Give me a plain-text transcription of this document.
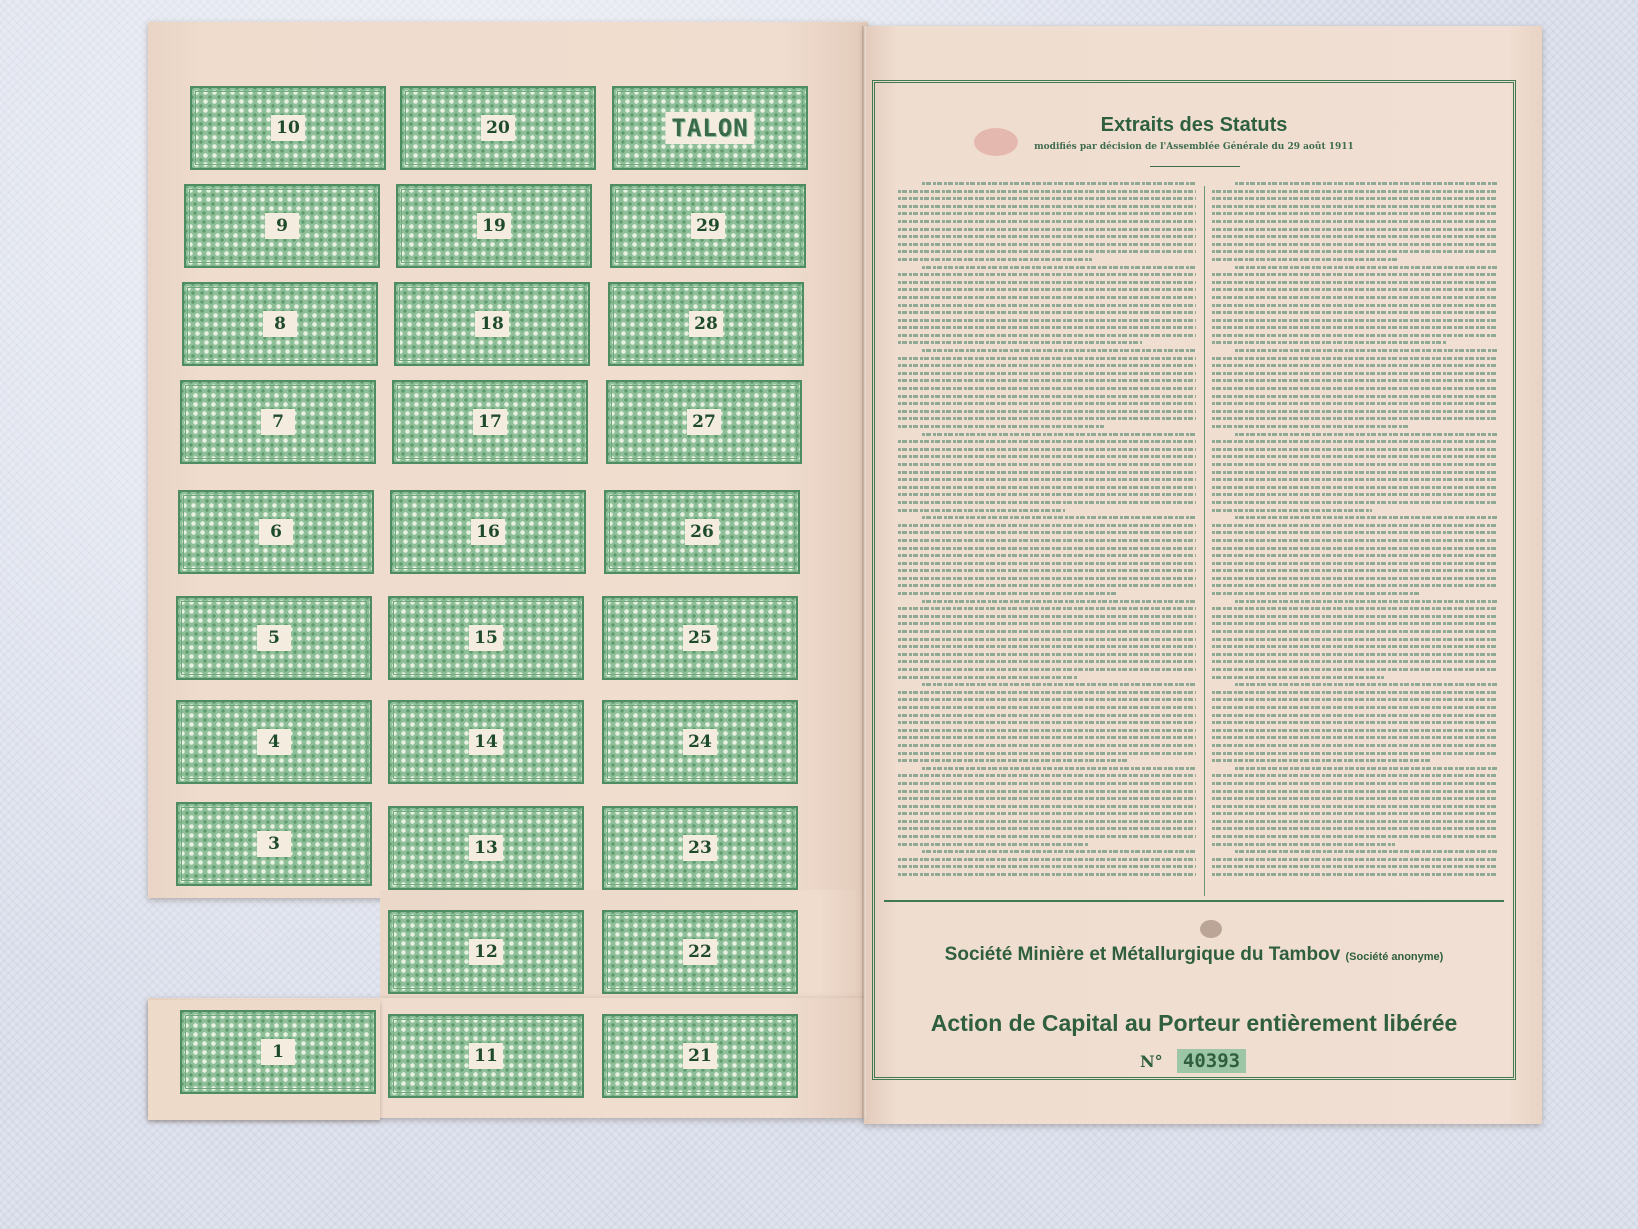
10	20	TALON
9	19	29
8	18	28
7	17	27
6	16	26
5	15	25
4	14	24
3	13	23
12	22
1	11	21
Extraits des Statuts
modifiés par décision de l'Assemblée Générale du 29 août 1911
Société Minière et Métallurgique du Tambov (Société anonyme)
Action de Capital au Porteur entièrement libérée
N° 40393
